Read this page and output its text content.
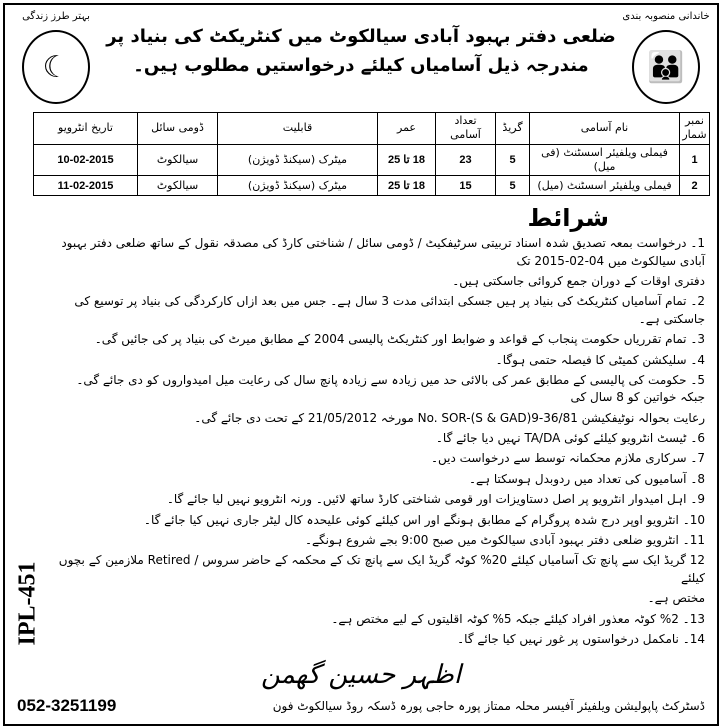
بہتر طرز زندگی
☾
ضلعی دفتر بہبود آبادی سیالکوٹ میں کنٹریکٹ کی بنیاد پر
مندرجہ ذیل آسامیاں کیلئے درخواستیں مطلوب ہیں۔
خاندانی منصوبہ بندی
👪
نمبر شمار	نام آسامی	گریڈ	تعداد آسامی	عمر	قابلیت	ڈومی سائل	تاریخ انٹرویو
1	فیملی ویلفیئر اسسٹنٹ (فی میل)	5	23	18 تا 25	میٹرک (سیکنڈ ڈویژن)	سیالکوٹ	10-02-2015
2	فیملی ویلفیئر اسسٹنٹ (میل)	5	15	18 تا 25	میٹرک (سیکنڈ ڈویژن)	سیالکوٹ	11-02-2015
شرائط
1۔ درخواست بمعہ تصدیق شدہ اسناد تربیتی سرٹیفکیٹ / ڈومی سائل / شناختی کارڈ کی مصدقہ نقول کے ساتھ ضلعی دفتر بہبود آبادی سیالکوٹ میں 04-02-2015 تک
دفتری اوقات کے دوران جمع کروائی جاسکتی ہیں۔
2۔ تمام آسامیاں کنٹریکٹ کی بنیاد پر ہیں جسکی ابتدائی مدت 3 سال ہے۔ جس میں بعد ازاں کارکردگی کی بنیاد پر توسیع کی جاسکتی ہے۔
3۔ تمام تقرریاں حکومت پنجاب کے قواعد و ضوابط اور کنٹریکٹ پالیسی 2004 کے مطابق میرٹ کی بنیاد پر کی جائیں گی۔
4۔ سلیکشن کمیٹی کا فیصلہ حتمی ہوگا۔
5۔ حکومت کی پالیسی کے مطابق عمر کی بالائی حد میں زیادہ سے زیادہ پانچ سال کی رعایت میل امیدواروں کو دی جائے گی۔ جبکہ خواتین کو 8 سال کی
رعایت بحوالہ نوٹیفکیشن No. SOR-(S & GAD)9-36/81 مورخہ 21/05/2012 کے تحت دی جائے گی۔
6۔ ٹیسٹ انٹرویو کیلئے کوئی TA/DA نہیں دیا جائے گا۔
7۔ سرکاری ملازم محکمانہ توسط سے درخواست دیں۔
8۔ آسامیوں کی تعداد میں ردوبدل ہوسکتا ہے۔
9۔ اہل امیدوار انٹرویو پر اصل دستاویزات اور قومی شناختی کارڈ ساتھ لائیں۔ ورنہ انٹرویو نہیں لیا جائے گا۔
10۔ انٹرویو اوپر درج شدہ پروگرام کے مطابق ہونگے اور اس کیلئے کوئی علیحدہ کال لیٹر جاری نہیں کیا جائے گا۔
11۔ انٹرویو ضلعی دفتر بہبود آبادی سیالکوٹ میں صبح 9:00 بجے شروع ہونگے۔
12 گریڈ ایک سے پانچ تک آسامیاں کیلئے 20% کوٹہ گریڈ ایک سے پانچ تک کے محکمہ کے حاضر سروس / Retired ملازمین کے بچوں کیلئے
مختص ہے۔
13۔ 2% کوٹہ معذور افراد کیلئے جبکہ 5% کوٹہ اقلیتوں کے لیے مختص ہے۔
14۔ نامکمل درخواستوں پر غور نہیں کیا جائے گا۔
اظہر حسین گھمن
ڈسٹرکٹ پاپولیشن ویلفیئر آفیسر محلہ ممتاز پورہ حاجی پورہ ڈسکہ روڈ سیالکوٹ فون
052-3251199
IPL-451
